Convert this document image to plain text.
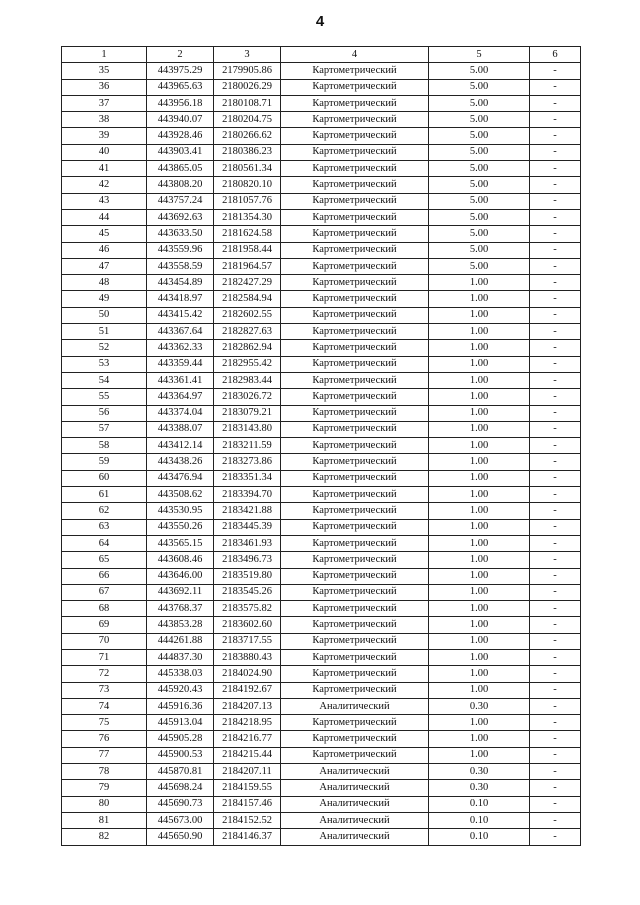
4
1	2	3	4	5	6
35	443975.29	2179905.86	Картометрический	5.00	-
36	443965.63	2180026.29	Картометрический	5.00	-
37	443956.18	2180108.71	Картометрический	5.00	-
38	443940.07	2180204.75	Картометрический	5.00	-
39	443928.46	2180266.62	Картометрический	5.00	-
40	443903.41	2180386.23	Картометрический	5.00	-
41	443865.05	2180561.34	Картометрический	5.00	-
42	443808.20	2180820.10	Картометрический	5.00	-
43	443757.24	2181057.76	Картометрический	5.00	-
44	443692.63	2181354.30	Картометрический	5.00	-
45	443633.50	2181624.58	Картометрический	5.00	-
46	443559.96	2181958.44	Картометрический	5.00	-
47	443558.59	2181964.57	Картометрический	5.00	-
48	443454.89	2182427.29	Картометрический	1.00	-
49	443418.97	2182584.94	Картометрический	1.00	-
50	443415.42	2182602.55	Картометрический	1.00	-
51	443367.64	2182827.63	Картометрический	1.00	-
52	443362.33	2182862.94	Картометрический	1.00	-
53	443359.44	2182955.42	Картометрический	1.00	-
54	443361.41	2182983.44	Картометрический	1.00	-
55	443364.97	2183026.72	Картометрический	1.00	-
56	443374.04	2183079.21	Картометрический	1.00	-
57	443388.07	2183143.80	Картометрический	1.00	-
58	443412.14	2183211.59	Картометрический	1.00	-
59	443438.26	2183273.86	Картометрический	1.00	-
60	443476.94	2183351.34	Картометрический	1.00	-
61	443508.62	2183394.70	Картометрический	1.00	-
62	443530.95	2183421.88	Картометрический	1.00	-
63	443550.26	2183445.39	Картометрический	1.00	-
64	443565.15	2183461.93	Картометрический	1.00	-
65	443608.46	2183496.73	Картометрический	1.00	-
66	443646.00	2183519.80	Картометрический	1.00	-
67	443692.11	2183545.26	Картометрический	1.00	-
68	443768.37	2183575.82	Картометрический	1.00	-
69	443853.28	2183602.60	Картометрический	1.00	-
70	444261.88	2183717.55	Картометрический	1.00	-
71	444837.30	2183880.43	Картометрический	1.00	-
72	445338.03	2184024.90	Картометрический	1.00	-
73	445920.43	2184192.67	Картометрический	1.00	-
74	445916.36	2184207.13	Аналитический	0.30	-
75	445913.04	2184218.95	Картометрический	1.00	-
76	445905.28	2184216.77	Картометрический	1.00	-
77	445900.53	2184215.44	Картометрический	1.00	-
78	445870.81	2184207.11	Аналитический	0.30	-
79	445698.24	2184159.55	Аналитический	0.30	-
80	445690.73	2184157.46	Аналитический	0.10	-
81	445673.00	2184152.52	Аналитический	0.10	-
82	445650.90	2184146.37	Аналитический	0.10	-
